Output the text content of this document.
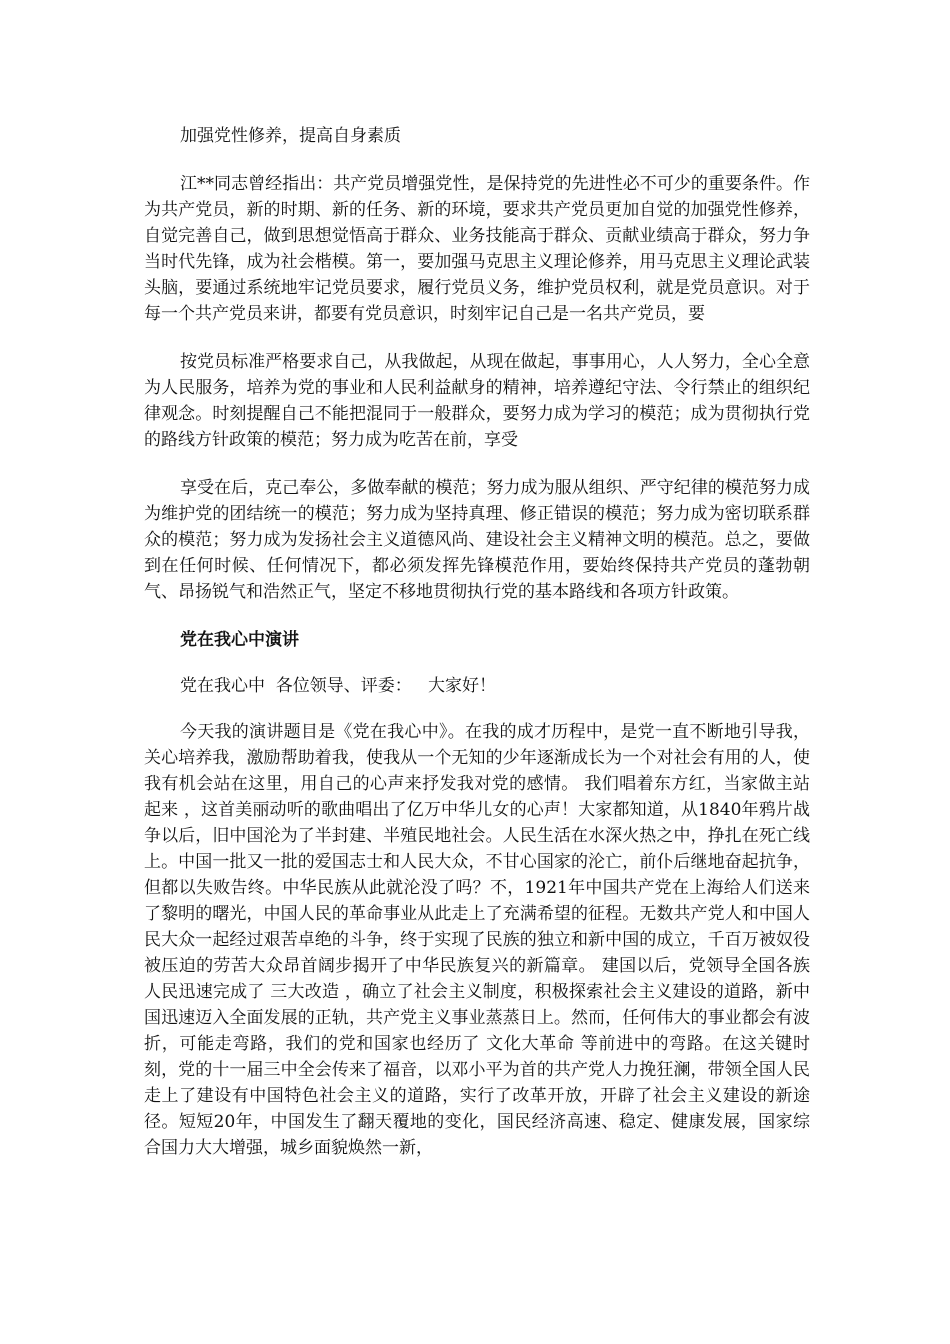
加强党性修养，提高自身素质

江**同志曾经指出：共产党员增强党性，是保持党的先进性必不可少的重要条件。作为共产党员，新的时期、新的任务、新的环境，要求共产党员更加自觉的加强党性修养，自觉完善自己，做到思想觉悟高于群众、业务技能高于群众、贡献业绩高于群众，努力争当时代先锋，成为社会楷模。第一，要加强马克思主义理论修养，用马克思主义理论武装头脑，要通过系统地牢记党员要求，履行党员义务，维护党员权利，就是党员意识。对于每一个共产党员来讲，都要有党员意识，时刻牢记自己是一名共产党员，要

按党员标准严格要求自己，从我做起，从现在做起，事事用心，人人努力，全心全意为人民服务，培养为党的事业和人民利益献身的精神，培养遵纪守法、令行禁止的组织纪律观念。时刻提醒自己不能把混同于一般群众，要努力成为学习的模范；成为贯彻执行党的路线方针政策的模范；努力成为吃苦在前，享受

享受在后，克己奉公，多做奉献的模范；努力成为服从组织、严守纪律的模范努力成为维护党的团结统一的模范；努力成为坚持真理、修正错误的模范；努力成为密切联系群众的模范；努力成为发扬社会主义道德风尚、建设社会主义精神文明的模范。总之，要做到在任何时候、任何情况下，都必须发挥先锋模范作用，要始终保持共产党员的蓬勃朝气、昂扬锐气和浩然正气，坚定不移地贯彻执行党的基本路线和各项方针政策。

党在我心中演讲

党在我心中  各位领导、评委：   大家好！

今天我的演讲题目是《党在我心中》。在我的成才历程中，是党一直不断地引导我，关心培养我，激励帮助着我，使我从一个无知的少年逐渐成长为一个对社会有用的人，使我有机会站在这里，用自己的心声来抒发我对党的感情。 我们唱着东方红，当家做主站起来 ，这首美丽动听的歌曲唱出了亿万中华儿女的心声！大家都知道，从1840年鸦片战争以后，旧中国沦为了半封建、半殖民地社会。人民生活在水深火热之中，挣扎在死亡线上。中国一批又一批的爱国志士和人民大众，不甘心国家的沦亡，前仆后继地奋起抗争，但都以失败告终。中华民族从此就沦没了吗？不，1921年中国共产党在上海给人们送来了黎明的曙光，中国人民的革命事业从此走上了充满希望的征程。无数共产党人和中国人民大众一起经过艰苦卓绝的斗争，终于实现了民族的独立和新中国的成立，千百万被奴役被压迫的劳苦大众昂首阔步揭开了中华民族复兴的新篇章。 建国以后，党领导全国各族人民迅速完成了 三大改造 ，确立了社会主义制度，积极探索社会主义建设的道路，新中国迅速迈入全面发展的正轨，共产党主义事业蒸蒸日上。然而，任何伟大的事业都会有波折，可能走弯路，我们的党和国家也经历了 文化大革命 等前进中的弯路。在这关键时刻，党的十一届三中全会传来了福音，以邓小平为首的共产党人力挽狂澜，带领全国人民走上了建设有中国特色社会主义的道路，实行了改革开放，开辟了社会主义建设的新途径。短短20年，中国发生了翻天覆地的变化，国民经济高速、稳定、健康发展，国家综合国力大大增强，城乡面貌焕然一新，
